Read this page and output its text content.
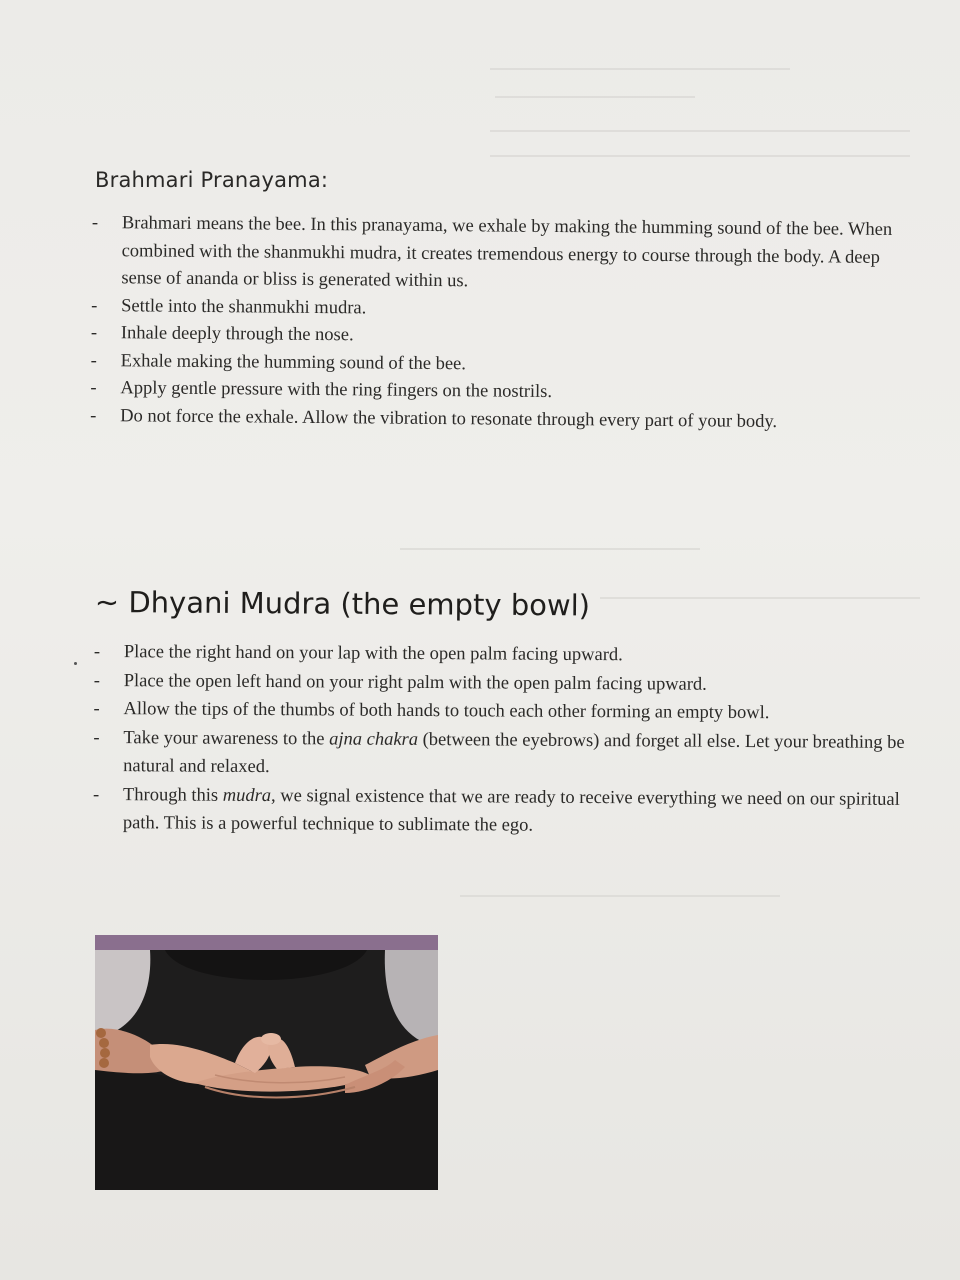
Brahmari Pranayama:
- Brahmari means the bee. In this pranayama, we exhale by making the humming sound of the bee. When combined with the shanmukhi mudra, it creates tremendous energy to course through the body. A deep sense of ananda or bliss is generated within us.
- Settle into the shanmukhi mudra.
- Inhale deeply through the nose.
- Exhale making the humming sound of the bee.
- Apply gentle pressure with the ring fingers on the nostrils.
- Do not force the exhale. Allow the vibration to resonate through every part of your body.
~ Dhyani Mudra (the empty bowl)
- Place the right hand on your lap with the open palm facing upward.
- Place the open left hand on your right palm with the open palm facing upward.
- Allow the tips of the thumbs of both hands to touch each other forming an empty bowl.
- Take your awareness to the ajna chakra (between the eyebrows) and forget all else. Let your breathing be natural and relaxed.
- Through this mudra, we signal existence that we are ready to receive everything we need on our spiritual path. This is a powerful technique to sublimate the ego.
